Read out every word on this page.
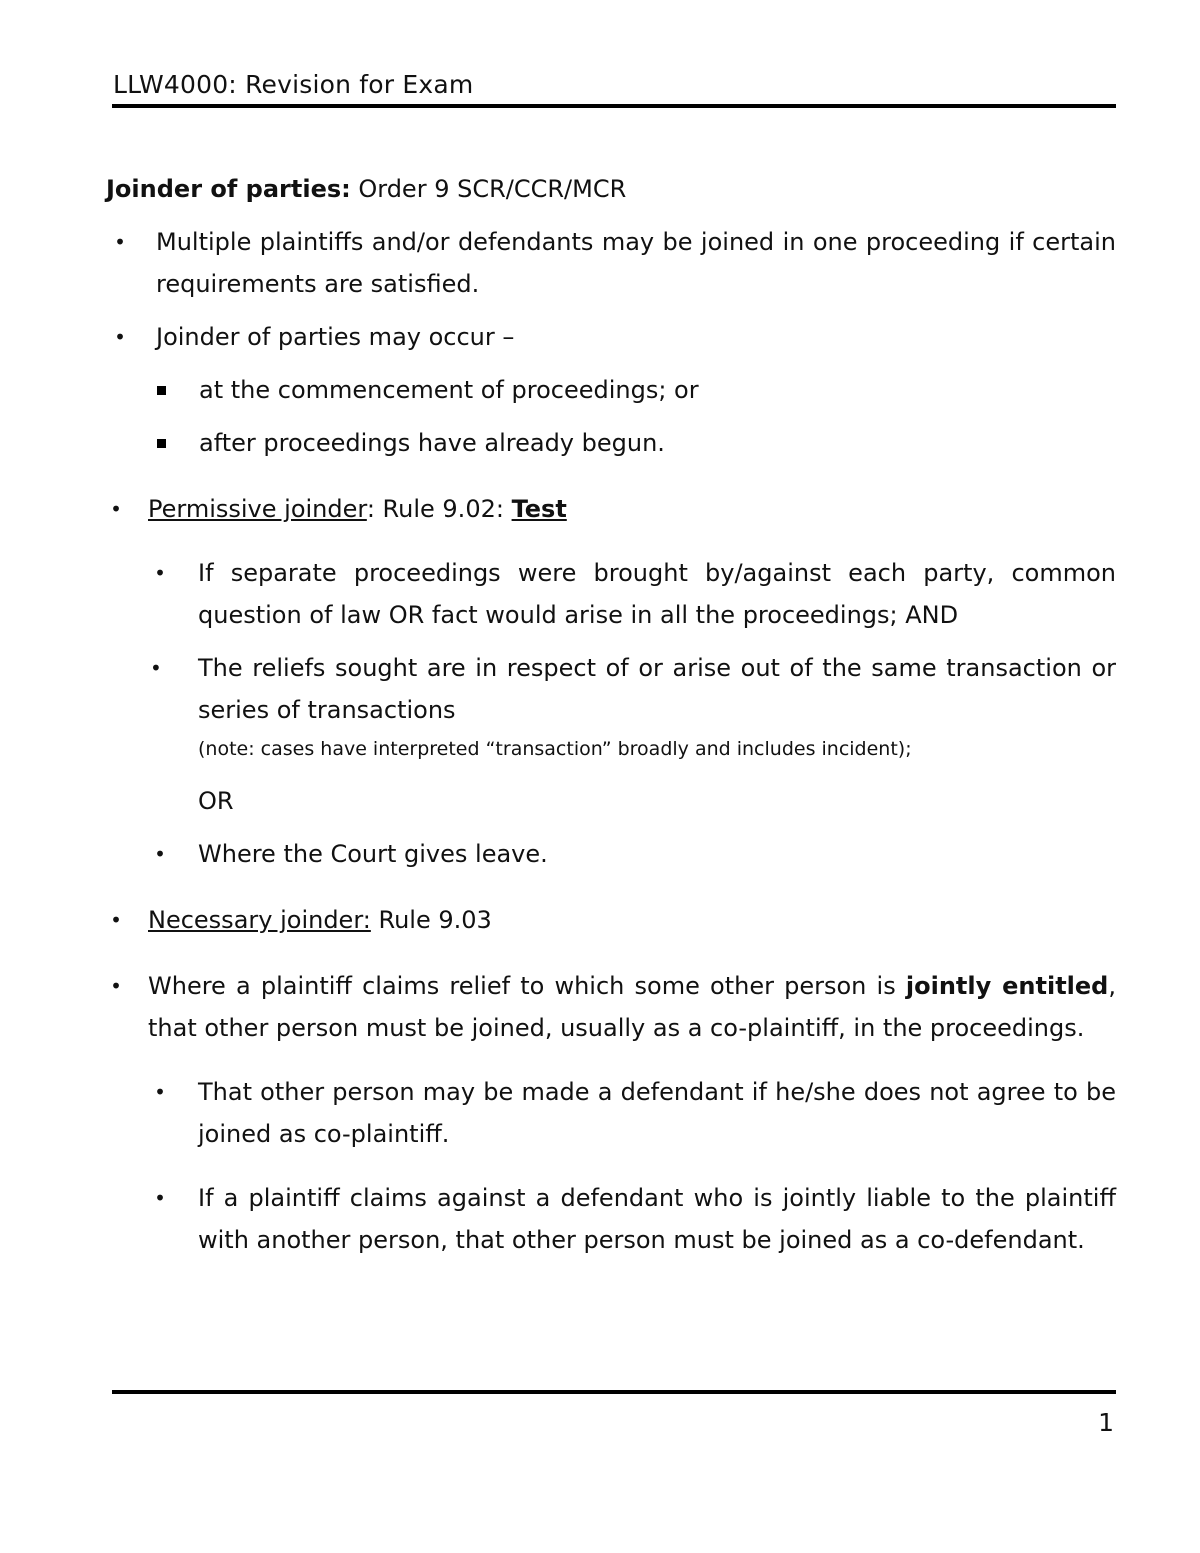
LLW4000: Revision for Exam
Joinder of parties: Order 9 SCR/CCR/MCR
• Multiple plaintiffs and/or defendants may be joined in one proceeding if certain requirements are satisfied.
• Joinder of parties may occur –
at the commencement of proceedings; or
after proceedings have already begun.
• Permissive joinder: Rule 9.02: Test
• If separate proceedings were brought by/against each party, common question of law OR fact would arise in all the proceedings; AND
•	The reliefs sought are in respect of or arise out of the same transaction or series of transactions
(note: cases have interpreted “transaction” broadly and includes incident);
OR
• Where the Court gives leave.
• Necessary joinder: Rule 9.03
• Where a plaintiff claims relief to which some other person is jointly entitled, that other person must be joined, usually as a co-plaintiff, in the proceedings.
• That other person may be made a defendant if he/she does not agree to be joined as co-plaintiff.
• If a plaintiff claims against a defendant who is jointly liable to the plaintiff with another person, that other person must be joined as a co-defendant.
1
